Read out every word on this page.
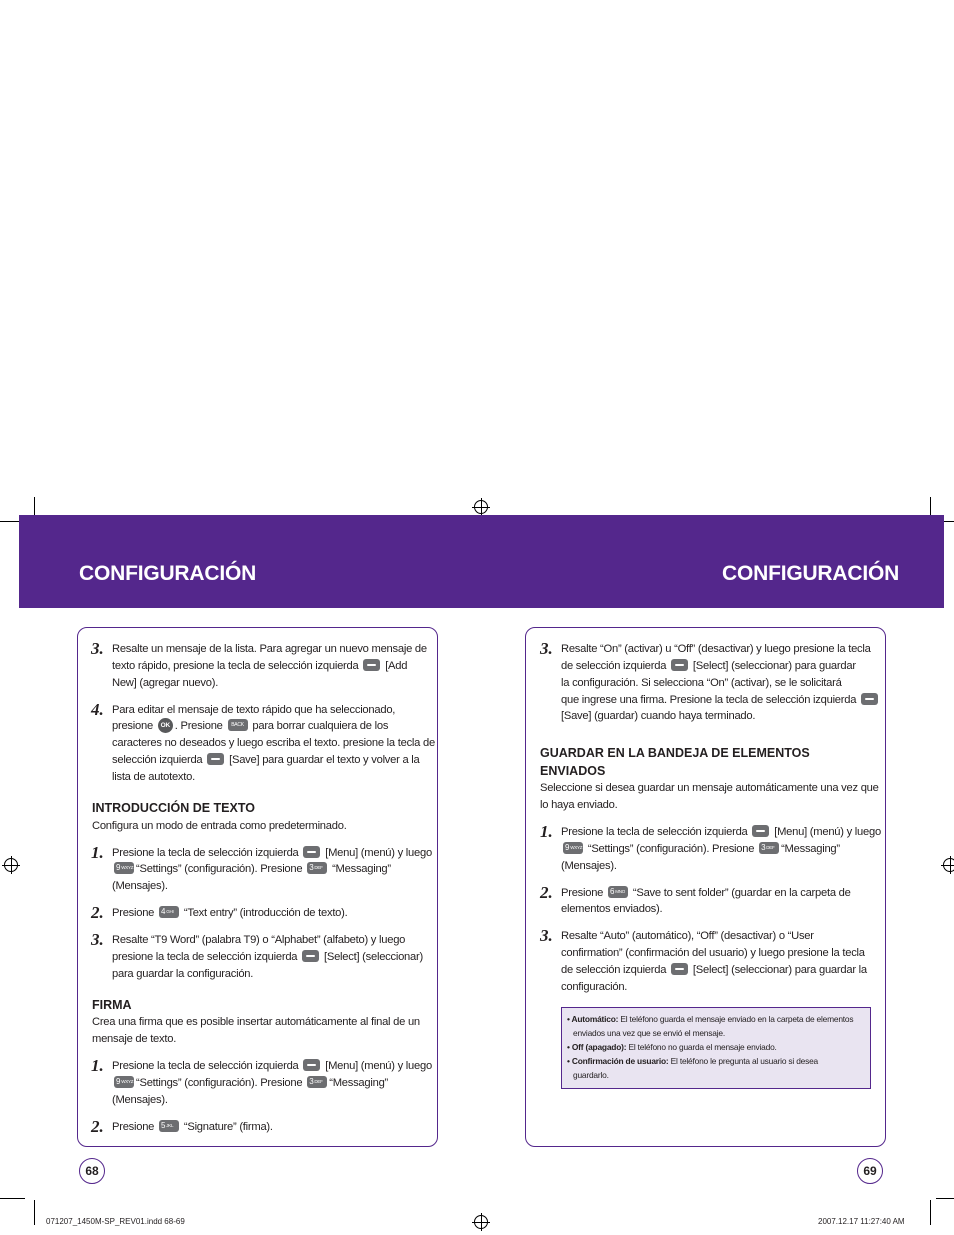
CONFIGURACIÓN	CONFIGURACIÓN
3. Resalte un mensaje de la lista. Para agregar un nuevo mensaje de
texto rápido, presione la tecla de selección izquierda [Add
New] (agregar nuevo).
4. Para editar el mensaje de texto rápido que ha seleccionado,
presione OK . Presione BACK para borrar cualquiera de los
caracteres no deseados y luego escriba el texto. presione la tecla de
selección izquierda [Save] para guardar el texto y volver a la
lista de autotexto.
INTRODUCCIÓN DE TEXTO
Configura un modo de entrada como predeterminado.
1. Presione la tecla de selección izquierda [Menu] (menú) y luego
$9^{WXYZ}$ “Settings” (configuración). Presione $3^{DEF}$ “Messaging”
(Mensajes).
2. Presione $4^{GHI}$ “Text entry” (introducción de texto).
3. Resalte “T9 Word” (palabra T9) o “Alphabet” (alfabeto) y luego
presione la tecla de selección izquierda [Select] (seleccionar)
para guardar la configuración.
FIRMA
Crea una firma que es posible insertar automáticamente al final de un
mensaje de texto.
1. Presione la tecla de selección izquierda [Menu] (menú) y luego
$9^{WXYZ}$ “Settings” (configuración). Presione $3^{DEF}$ “Messaging”
(Mensajes).
2. Presione $5^{JKL}$ “Signature” (firma).
68
3. Resalte “On” (activar) u “Off” (desactivar) y luego presione la tecla
de selección izquierda [Select] (seleccionar) para guardar
la configuración. Si selecciona “On” (activar), se le solicitará
que ingrese una firma. Presione la tecla de selección izquierda
[Save] (guardar) cuando haya terminado.
GUARDAR EN LA BANDEJA DE ELEMENTOS
ENVIADOS
Seleccione si desea guardar un mensaje automáticamente una vez que
lo haya enviado.
1. Presione la tecla de selección izquierda [Menu] (menú) y luego
$9^{WXYZ}$ “Settings” (configuración). Presione $3^{DEF}$ “Messaging”
(Mensajes).
2. Presione $6^{MNO}$ “Save to sent folder” (guardar en la carpeta de
elementos enviados).
3. Resalte “Auto” (automático), “Off” (desactivar) o “User
confirmation” (confirmación del usuario) y luego presione la tecla
de selección izquierda [Select] (seleccionar) para guardar la
configuración.
• Automático: El teléfono guarda el mensaje enviado en la carpeta de elementos
enviados una vez que se envió el mensaje.
• Off (apagado): El teléfono no guarda el mensaje enviado.
• Confirmación de usuario: El teléfono le pregunta al usuario si desea
guardarlo.
69
071207_1450M-SP_REV01.indd 68-69	2007.12.17 11:27:40 AM
